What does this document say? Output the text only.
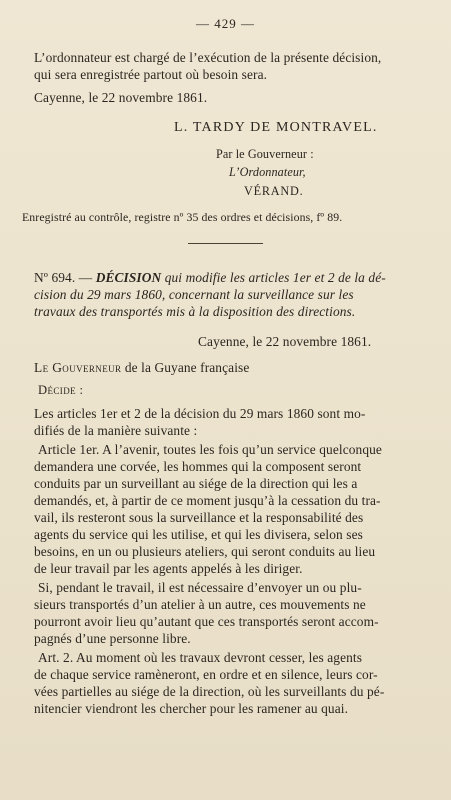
— 429 —
L’ordonnateur est chargé de l’exécution de la présente décision,
qui sera enregistrée partout où besoin sera.
Cayenne, le 22 novembre 1861.
L. TARDY DE MONTRAVEL.
Par le Gouverneur :
L’Ordonnateur,
VÉRAND.
Enregistré au contrôle, registre nº 35 des ordres et décisions, fº 89.
Nº 694. — DÉCISION qui modifie les articles 1er et 2 de la dé-
cision du 29 mars 1860, concernant la surveillance sur les
travaux des transportés mis à la disposition des directions.
Cayenne, le 22 novembre 1861.
Le Gouverneur de la Guyane française
Décide :
Les articles 1er et 2 de la décision du 29 mars 1860 sont mo-
difiés de la manière suivante :
Article 1er. A l’avenir, toutes les fois qu’un service quelconque
demandera une corvée, les hommes qui la composent seront
conduits par un surveillant au siége de la direction qui les a
demandés, et, à partir de ce moment jusqu’à la cessation du tra-
vail, ils resteront sous la surveillance et la responsabilité des
agents du service qui les utilise, et qui les divisera, selon ses
besoins, en un ou plusieurs ateliers, qui seront conduits au lieu
de leur travail par les agents appelés à les diriger.
Si, pendant le travail, il est nécessaire d’envoyer un ou plu-
sieurs transportés d’un atelier à un autre, ces mouvements ne
pourront avoir lieu qu’autant que ces transportés seront accom-
pagnés d’une personne libre.
Art. 2. Au moment où les travaux devront cesser, les agents
de chaque service ramèneront, en ordre et en silence, leurs cor-
vées partielles au siége de la direction, où les surveillants du pé-
nitencier viendront les chercher pour les ramener au quai.
